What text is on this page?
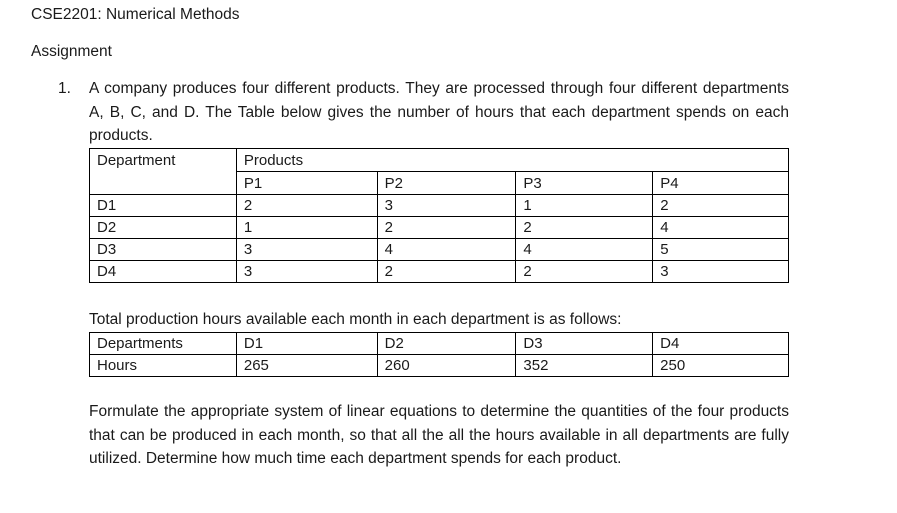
CSE2201: Numerical Methods
Assignment
1. A company produces four different products. They are processed through four different departments A, B, C, and D. The Table below gives the number of hours that each department spends on each products.
Department	Products			
	P1	P2	P3	P4
D1	2	3	1	2
D2	1	2	2	4
D3	3	4	4	5
D4	3	2	2	3
Total production hours available each month in each department is as follows:
Departments	D1	D2	D3	D4
Hours	265	260	352	250
Formulate the appropriate system of linear equations to determine the quantities of the four products that can be produced in each month, so that all the all the hours available in all departments are fully utilized. Determine how much time each department spends for each product.
